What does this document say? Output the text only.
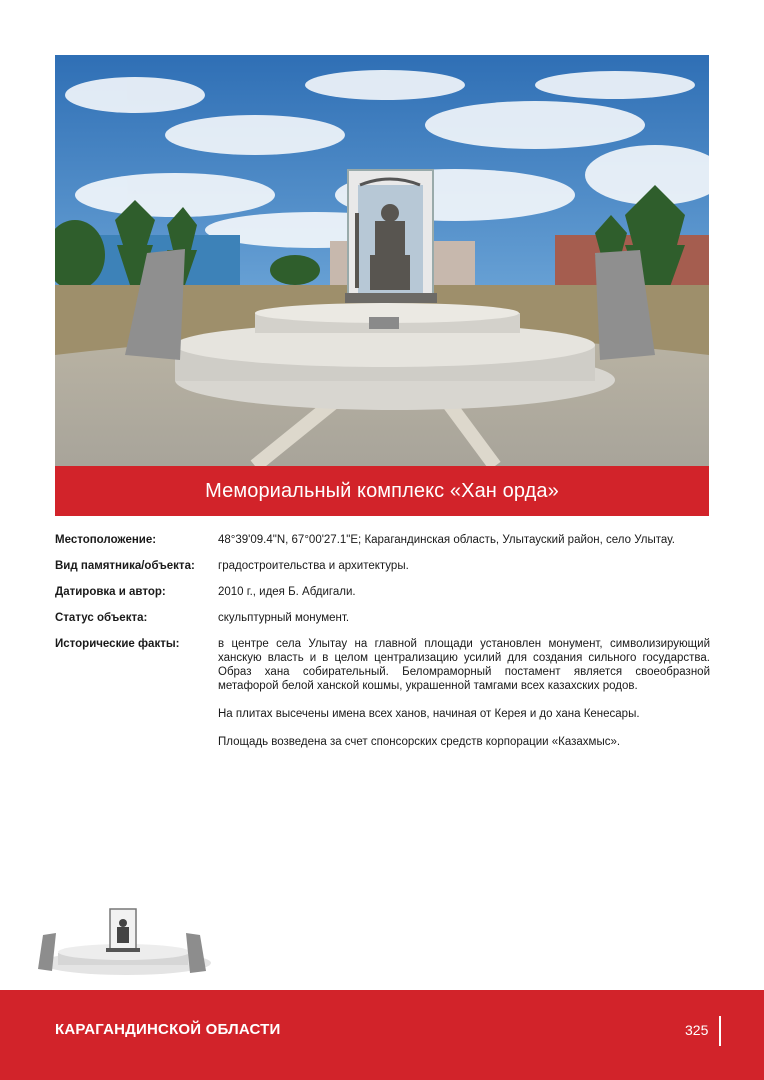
Мемориальный комплекс «Хан орда»
Местоположение:	48°39'09.4"N, 67°00'27.1"E; Карагандинская область, Улытауский район, село Улытау.
Вид памятника/объекта:	градостроительства и архитектуры.
Датировка и автор:	2010 г., идея Б. Абдигали.
Статус объекта:	скульптурный монумент.
Исторические факты:	в центре села Улытау на главной площади установлен монумент, символизирующий ханскую власть и в целом централизацию усилий для создания сильного государства. Образ хана собирательный. Беломраморный постамент является своеобразной метафорой белой ханской кошмы, украшенной тамгами всех казахских родов.

На плитах высечены имена всех ханов, начиная от Керея и до хана Кенесары.

Площадь возведена за счет спонсорских средств корпорации «Казахмыс».

КАРАГАНДИНСКОЙ ОБЛАСТИ	325
